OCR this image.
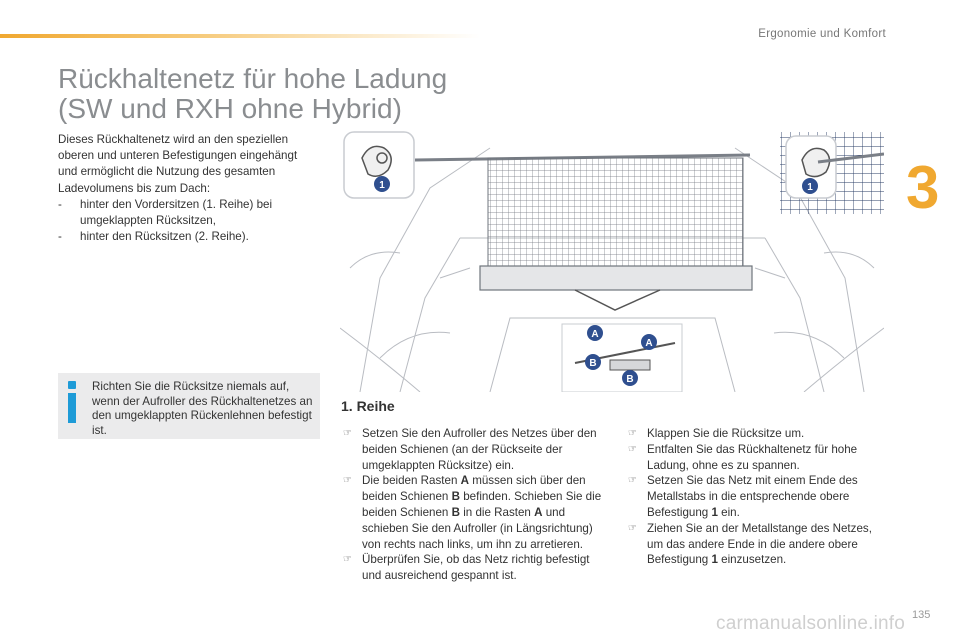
Ergonomie und Komfort
3
Rückhaltenetz für hohe Ladung
(SW und RXH ohne Hybrid)

Dieses Rückhaltenetz wird an den speziellen oberen und unteren Befestigungen eingehängt und ermöglicht die Nutzung des gesamten Ladevolumens bis zum Dach:

- hinter den Vordersitzen (1. Reihe) bei umgeklappten Rücksitzen,
- hinter den Rücksitzen (2. Reihe).
Richten Sie die Rücksitze niemals auf, wenn der Aufroller des Rückhaltenetzes an den umgeklappten Rückenlehnen befestigt ist.
1	1
A
A
B
B
1. Reihe
☞ Setzen Sie den Aufroller des Netzes über den beiden Schienen (an der Rückseite der umgeklappten Rücksitze) ein.
☞ Die beiden Rasten A müssen sich über den beiden Schienen B befinden. Schieben Sie die beiden Schienen B in die Rasten A und schieben Sie den Aufroller (in Längsrichtung) von rechts nach links, um ihn zu arretieren.
☞ Überprüfen Sie, ob das Netz richtig befestigt und ausreichend gespannt ist.
☞ Klappen Sie die Rücksitze um.
☞ Entfalten Sie das Rückhaltenetz für hohe Ladung, ohne es zu spannen.
☞ Setzen Sie das Netz mit einem Ende des Metallstabs in die entsprechende obere Befestigung 1 ein.
☞ Ziehen Sie an der Metallstange des Netzes, um das andere Ende in die andere obere Befestigung 1 einzusetzen.
carmanualsonline.info 135
